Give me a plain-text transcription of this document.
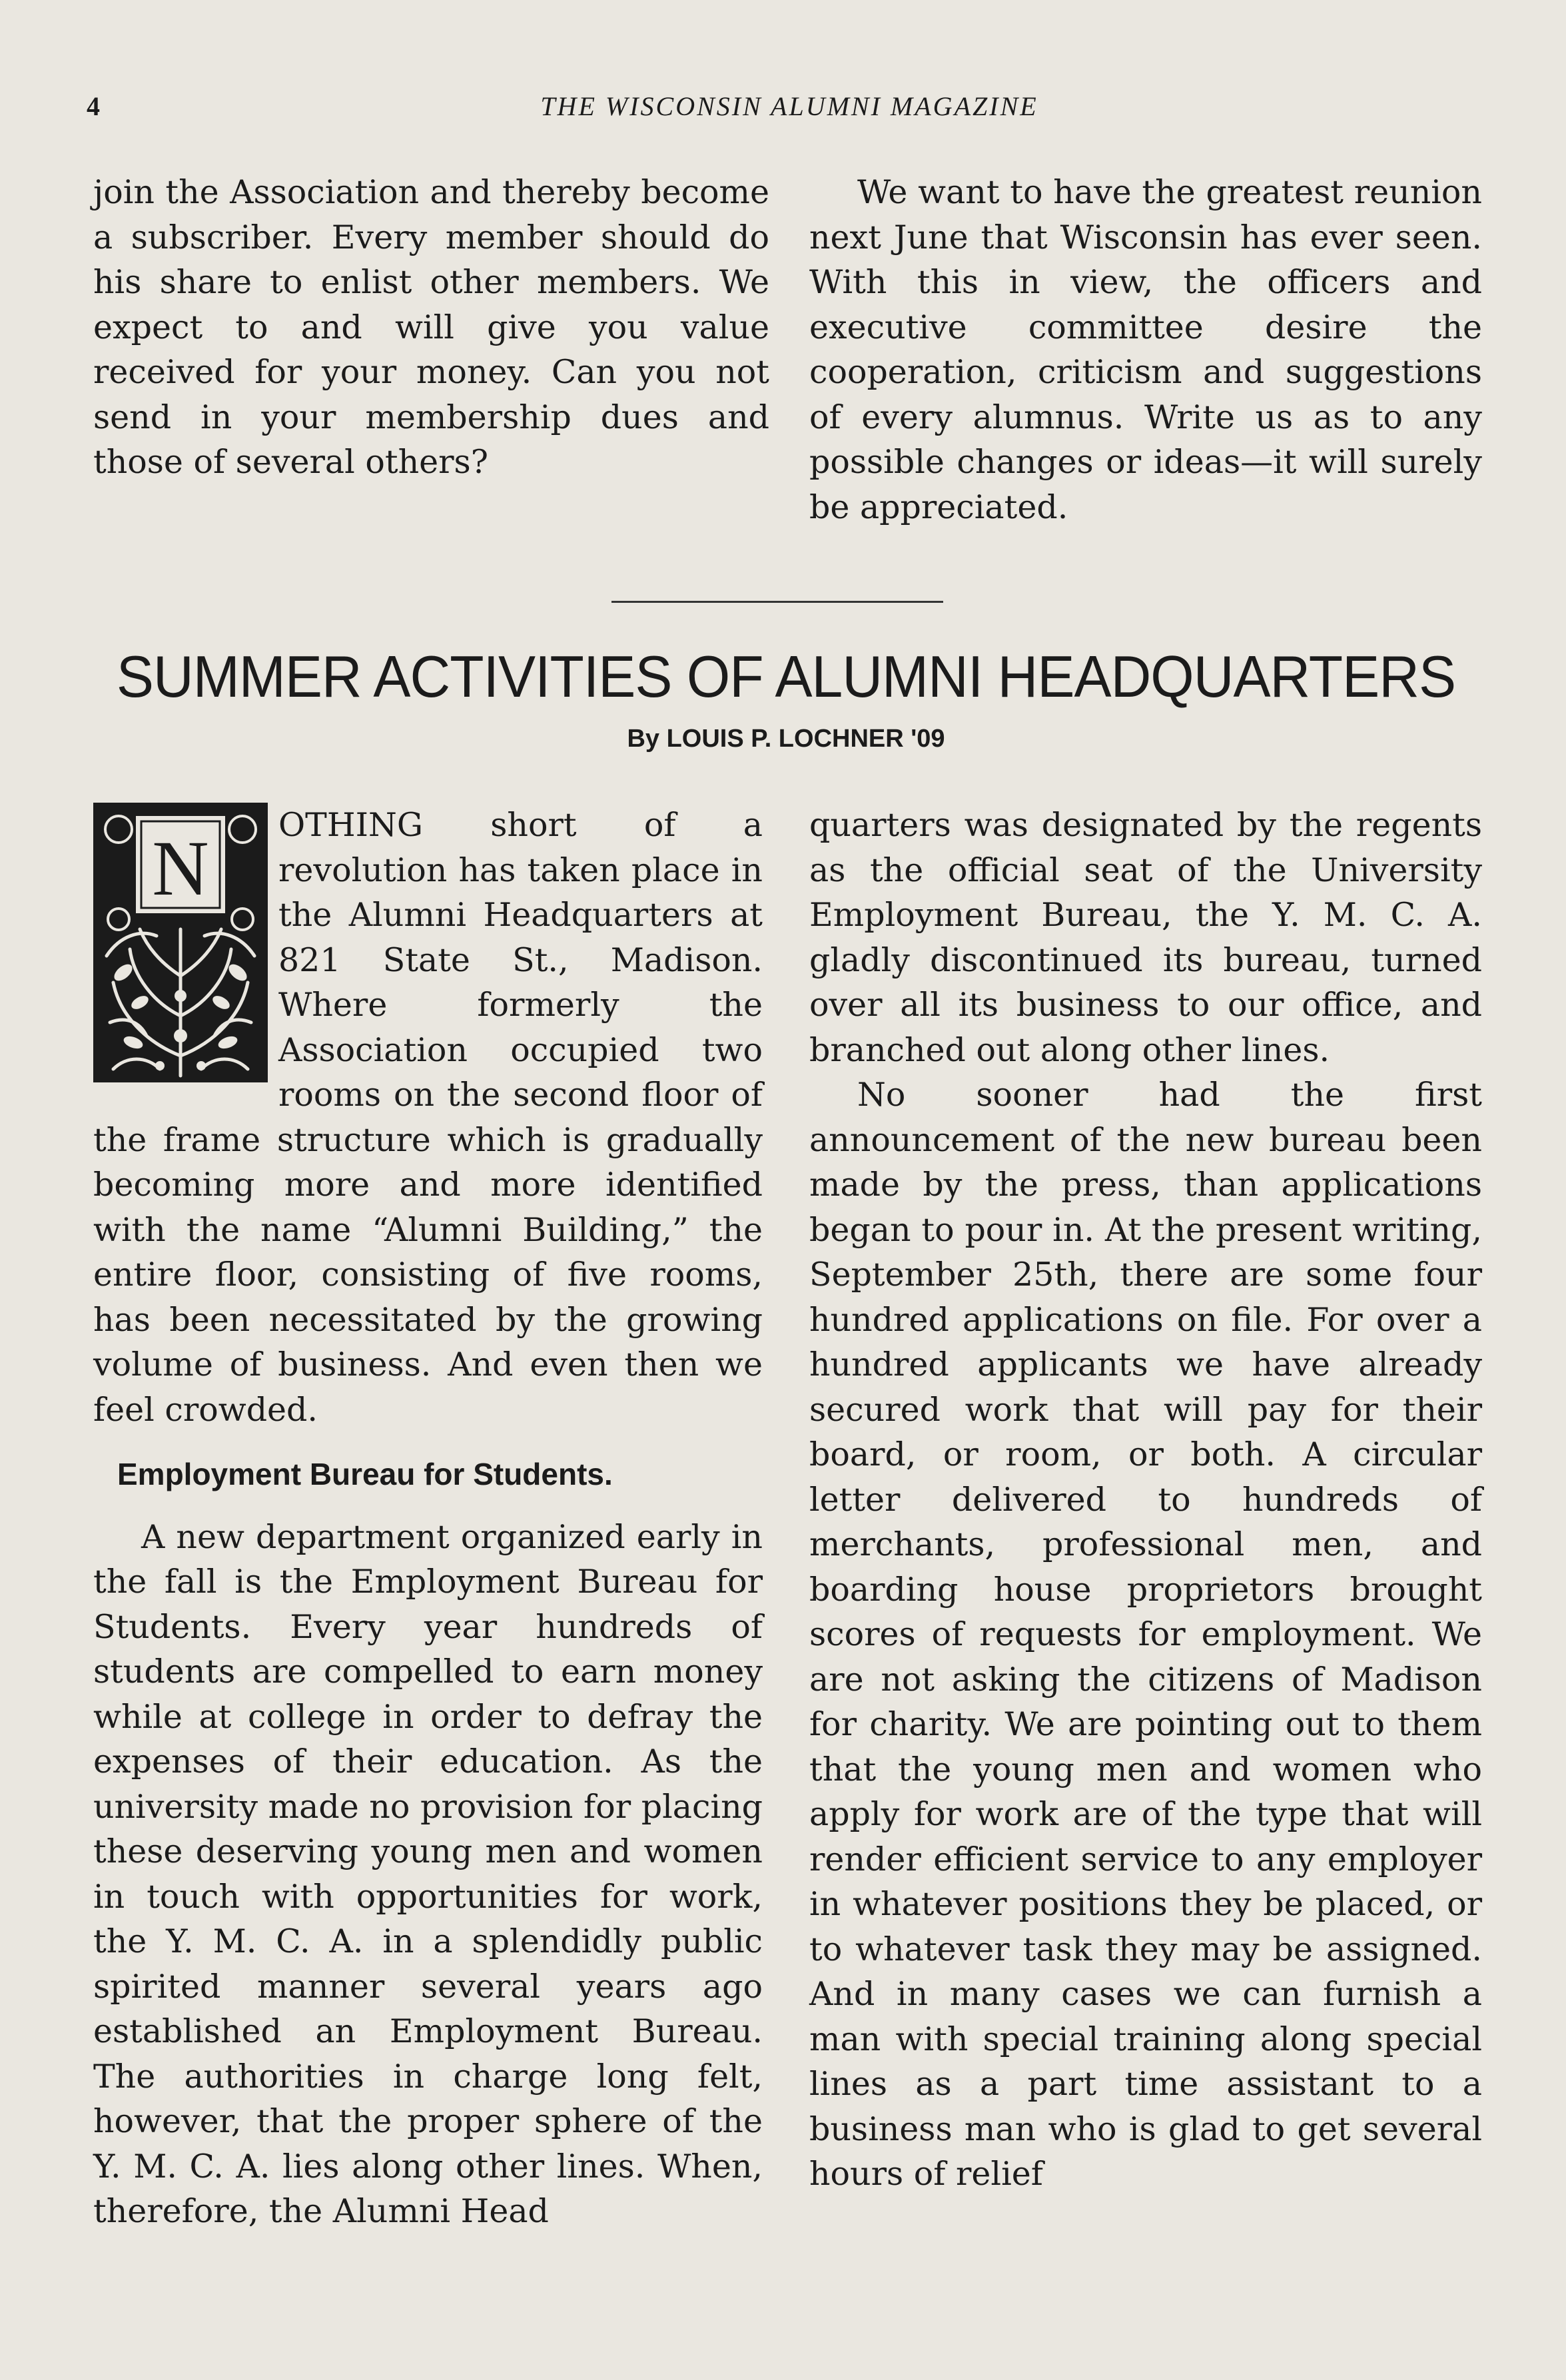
4	THE WISCONSIN ALUMNI MAGAZINE

join the Association and thereby become a subscriber. Every member should do his share to enlist other members. We expect to and will give you value received for your money. Can you not send in your membership dues and those of several others?

We want to have the greatest reunion next June that Wisconsin has ever seen. With this in view, the officers and executive committee desire the cooperation, criticism and suggestions of every alumnus. Write us as to any possible changes or ideas—it will surely be appreciated.

SUMMER ACTIVITIES OF ALUMNI HEADQUARTERS
By LOUIS P. LOCHNER '09
N	OTHING short of a revolution has taken place in the Alumni Headquarters at 821 State St., Madison. Where formerly the Association occupied two rooms on the second floor of the frame structure which is gradually becoming more and more identified with the name “Alumni Building,” the entire floor, consisting of five rooms, has been necessitated by the growing volume of business. And even then we feel crowded.

Employment Bureau for Students.

A new department organized early in the fall is the Employment Bureau for Students. Every year hundreds of students are compelled to earn money while at college in order to defray the expenses of their education. As the university made no provision for placing these deserving young men and women in touch with opportunities for work, the Y. M. C. A. in a splendidly public spirited manner several years ago established an Employment Bureau. The authorities in charge long felt, however, that the proper sphere of the Y. M. C. A. lies along other lines. When, therefore, the Alumni Head

quarters was designated by the regents as the official seat of the University Employment Bureau, the Y. M. C. A. gladly discontinued its bureau, turned over all its business to our office, and branched out along other lines.

No sooner had the first announcement of the new bureau been made by the press, than applications began to pour in. At the present writing, September 25th, there are some four hundred applications on file. For over a hundred applicants we have already secured work that will pay for their board, or room, or both. A circular letter delivered to hundreds of merchants, professional men, and boarding house proprietors brought scores of requests for employment. We are not asking the citizens of Madison for charity. We are pointing out to them that the young men and women who apply for work are of the type that will render efficient service to any employer in whatever positions they be placed, or to whatever task they may be assigned. And in many cases we can furnish a man with special training along special lines as a part time assistant to a business man who is glad to get several hours of relief
